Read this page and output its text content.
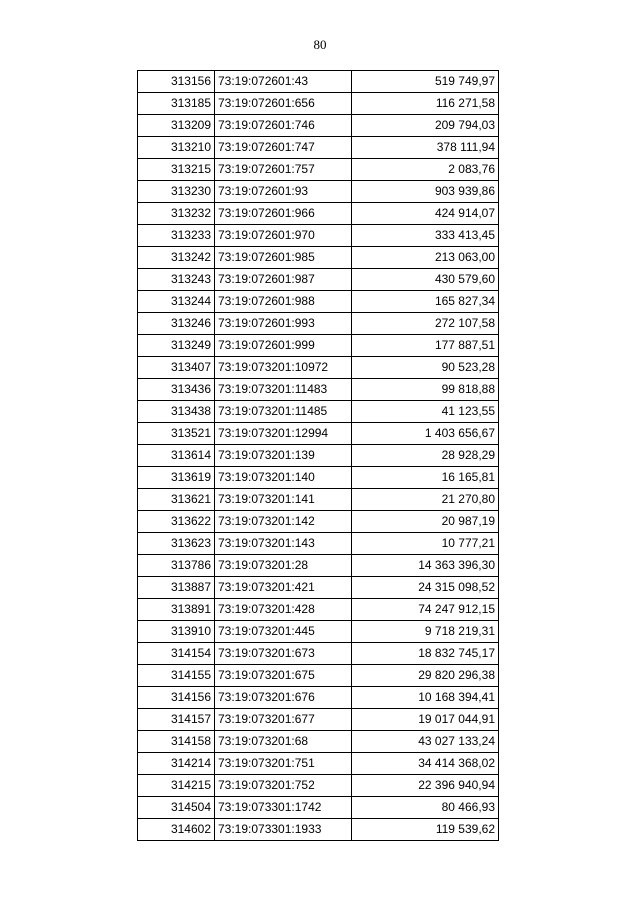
80
313156	73:19:072601:43	519 749,97
313185	73:19:072601:656	116 271,58
313209	73:19:072601:746	209 794,03
313210	73:19:072601:747	378 111,94
313215	73:19:072601:757	2 083,76
313230	73:19:072601:93	903 939,86
313232	73:19:072601:966	424 914,07
313233	73:19:072601:970	333 413,45
313242	73:19:072601:985	213 063,00
313243	73:19:072601:987	430 579,60
313244	73:19:072601:988	165 827,34
313246	73:19:072601:993	272 107,58
313249	73:19:072601:999	177 887,51
313407	73:19:073201:10972	90 523,28
313436	73:19:073201:11483	99 818,88
313438	73:19:073201:11485	41 123,55
313521	73:19:073201:12994	1 403 656,67
313614	73:19:073201:139	28 928,29
313619	73:19:073201:140	16 165,81
313621	73:19:073201:141	21 270,80
313622	73:19:073201:142	20 987,19
313623	73:19:073201:143	10 777,21
313786	73:19:073201:28	14 363 396,30
313887	73:19:073201:421	24 315 098,52
313891	73:19:073201:428	74 247 912,15
313910	73:19:073201:445	9 718 219,31
314154	73:19:073201:673	18 832 745,17
314155	73:19:073201:675	29 820 296,38
314156	73:19:073201:676	10 168 394,41
314157	73:19:073201:677	19 017 044,91
314158	73:19:073201:68	43 027 133,24
314214	73:19:073201:751	34 414 368,02
314215	73:19:073201:752	22 396 940,94
314504	73:19:073301:1742	80 466,93
314602	73:19:073301:1933	119 539,62
